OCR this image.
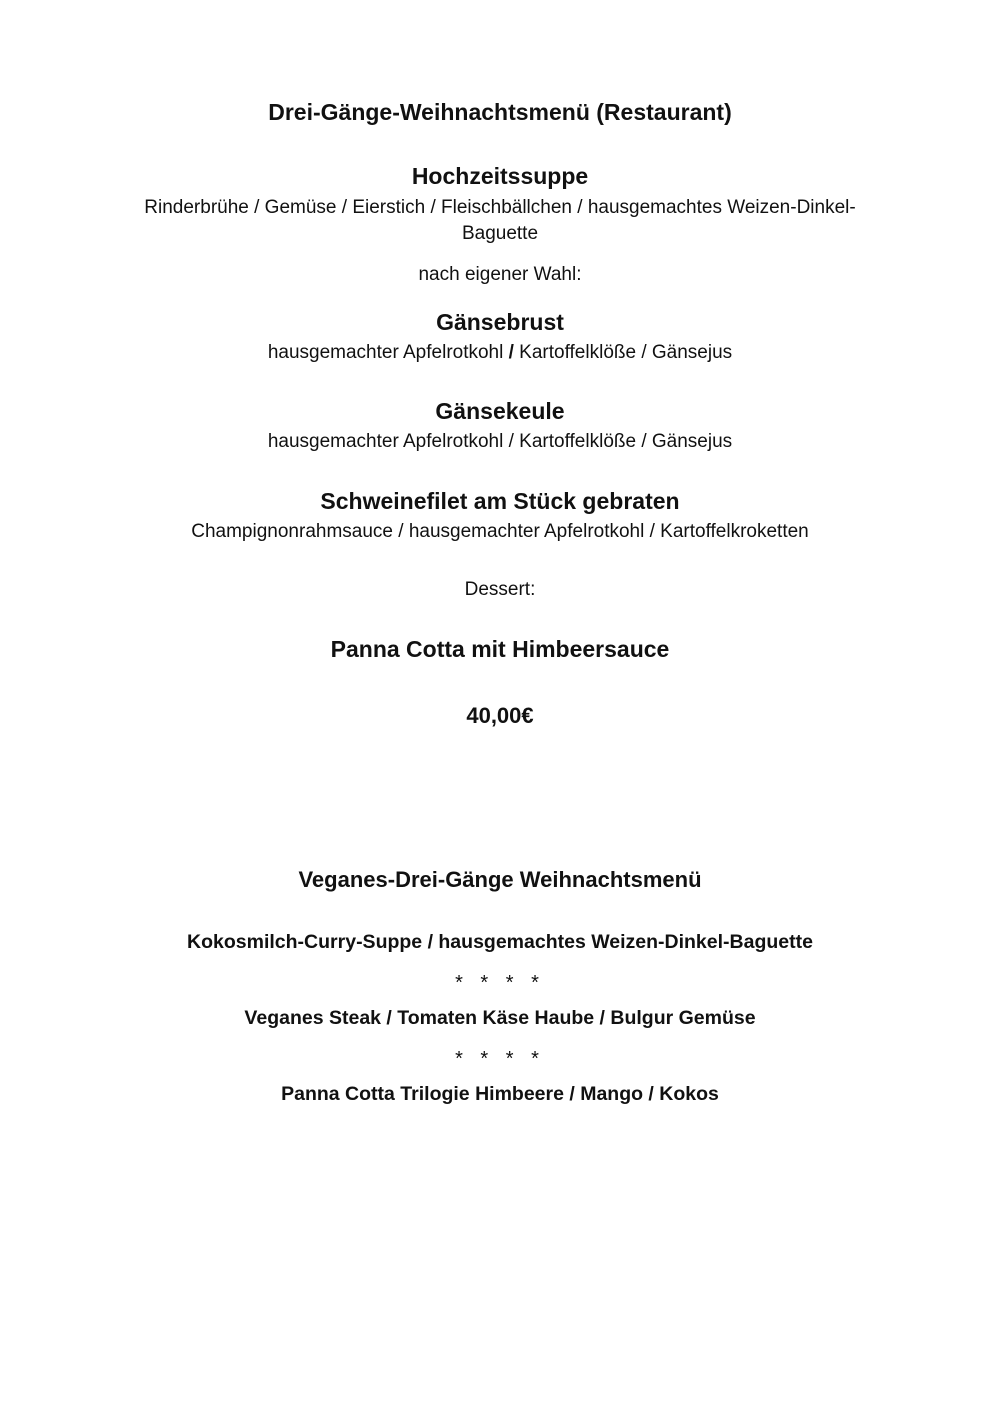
Drei-Gänge-Weihnachtsmenü (Restaurant)
Hochzeitssuppe
Rinderbrühe / Gemüse / Eierstich / Fleischbällchen / hausgemachtes Weizen-Dinkel-
Baguette
nach eigener Wahl:
Gänsebrust
hausgemachter Apfelrotkohl / Kartoffelklöße / Gänsejus
Gänsekeule
hausgemachter Apfelrotkohl / Kartoffelklöße / Gänsejus
Schweinefilet am Stück gebraten
Champignonrahmsauce / hausgemachter Apfelrotkohl / Kartoffelkroketten
Dessert:
Panna Cotta mit Himbeersauce
40,00€
Veganes-Drei-Gänge Weihnachtsmenü
Kokosmilch-Curry-Suppe / hausgemachtes Weizen-Dinkel-Baguette
* * * *
Veganes Steak / Tomaten Käse Haube / Bulgur Gemüse
* * * *
Panna Cotta Trilogie Himbeere / Mango / Kokos
